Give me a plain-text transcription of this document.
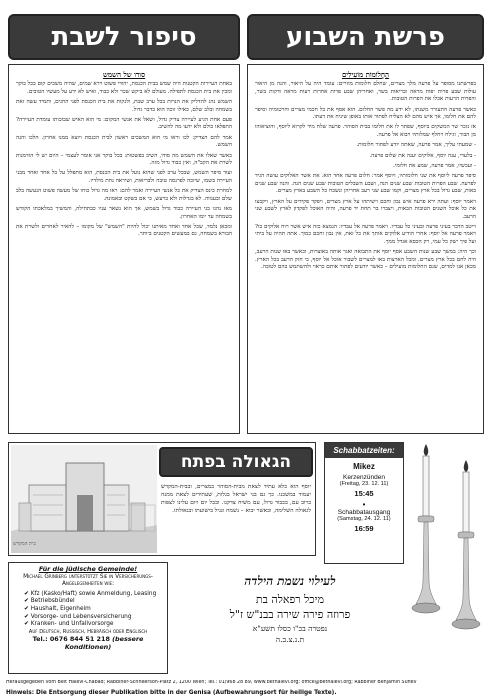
פרשת השבוע
סיפור לשבת
הַחֲלוֹמוֹת מוֹעִילִים

בפרשתנו מסופר על פרעה מלך מצרים, שחלם חלומות מוזרים: עומד היה על היאור, והנה מן היאור עולות שבע פרות יפות מראה ובריאות בשר, ואחריהן שבע פרות אחרות רעות מראה ודקות בשר, והפרות הרעות אכלו את הפרות הטובות.

כאשר פרעה התעורר משנתו, לא ידע מה פשר החלום. הוא אסף את כל חכמי מצרים וחרטומיה וסיפר להם את חלומו, אך איש מהם לא הצליח לפתור אותו באופן שיניח את דעתו.

אז נזכר שר המשקים ביוסף, שפתר לו את חלומו בבית הסוהר. פרעה שלח מיד לקרוא ליוסף, והוציאוהו מן הבור, וגילח ויחלף שמלותיו ויבוא אל פרעה.

- שמעתי עליך, אמר פרעה, שאתה יודע לפתור חלומות.

- בלעדי, ענה יוסף, אלוקים יענה את שלום פרעה.

- ועכשיו, אמר פרעה, שמע את חלומי.

סיפר פרעה ליוסף את שני חלומותיו, ויוסף אמר: חלום פרעה אחד הוא. את אשר האלוקים עושה הגיד לפרעה. שבע הפרות הטובות שבע שנים הנה, ושבע השבלים הטובות שבע שנים הנה. והנה שבע שנים באות, שבע גדול בכל ארץ מצרים, וקמו שבע שני רעב אחריהן ונשכח כל השבע בארץ מצרים.

ויאמר יוסף: ועתה ירא פרעה איש נבון וחכם וישיתהו על ארץ מצרים, ויפקד פקידים על הארץ, ויקבצו את כל אוכל השנים הטובות הבאות, ויצברו בר תחת יד פרעה, והיה האוכל לפקדון לארץ לשבע שני הרעב.

וייטב הדבר בעיני פרעה ובעיני כל עבדיו. ויאמר פרעה אל עבדיו: הנמצא כזה איש אשר רוח אלוקים בו? ויאמר פרעה אל יוסף: אחרי הודיע אלוקים אותך את כל זאת, אין נבון וחכם כמוך. אתה תהיה על ביתי ועל פיך ישק כל עמי, רק הכסא אגדל ממך.

וכך היה: במשך שבע שנות השבע אסף יוסף את התבואה ואגר אותה באוצרות, וכאשר באו שנות הרעב, היה לחם בכל ארץ מצרים. ומכל הארצות באו למצרים לשבור אוכל אל יוסף, כי חזק הרעב בכל הארץ. מכאן אנו למדים, שגם החלומות מועילים – כאשר יודעים לפתור אותם כראוי ולהשתמש בהם לטובה.

סודו של השמש

באחת העיירות הקטנות היה שמש בבית הכנסת, יהודי פשוט וירא שמים, שהיה משכים קום בכל בוקר ומכין את בית הכנסת לתפילה. מעולם לא ביקש שכר ולא כבוד, ואיש לא ידע על מעשיו הטובים.

השמש נהג להדליק את הנרות בכל ערב שבת, ולנקות את בית הכנסת לפני החגים, ותמיד עשה זאת בשמחה ובלב שלם, כאילו זוכה הוא בדבר גדול.

פעם אחת הגיע לעיירה צדיק גדול, ושאל את אנשי המקום: מי הוא האיש שבזכותו עומדת העיירה? התפלאו כולם ולא ידעו מה להשיב.

אמר להם הצדיק: לכו וראו מי הוא המשכים ראשון לבית הכנסת ויוצא ממנו אחרון. הלכו והנה השמש.

כאשר שאלו את השמש מה סודו, השיב בפשטות: בכל בוקר אני אומר לעצמי – היום יש לי הזדמנות לשרת את הקב"ה, ואין כבוד גדול מזה.

ועוד סיפר השמש, שבכל ערב לפני שהוא נועל את בית הכנסת, הוא מתפלל על כל אחד ואחד מבני העיירה בשמו, שיזכה לפרנסה טובה ולבריאות, ושיראה נחת מילדיו.

למחרת כינס הצדיק את כל אנשי העיירה ואמר להם: ראו מה גדול כוחו של מעשה פשוט הנעשה בלב שלם ובענווה. לא בגדלות ולא ברעש, כי אם בשקט ובאמונה.

מאז נהגו בני העיירה כבוד גדול בשמש, אך הוא נשאר עניו כבתחילה, והמשיך במלאכתו הקודש בשמחה עד יומו האחרון.

ומכאן נלמד, שכל אחד ואחד מאיתנו יכול להיות "השמש" של מקומו – להאיר לאחרים ולשרת את הבורא בשמחה, גם במעשים הקטנים ביותר.

בית המקדש
הגאולה בפתח
יוסף הוא כלא עתיד לצאת מבית-הסוהר במצרים, ובבית-המקדש יעמוד במשכנו. כך גם בני ישראל בגלות, שעתידים לצאת ממנה ברוב עם, בכבוד גדול, עם משיח צדקנו. ובכל יום ויום עלינו לצפות לגאולה השלימה, וכאשר יבוא – נשמח ונגיל בישועתו ובגאולתו.
Schabbatzeiten:
Mikez
Kerzenzünden
(Freitag, 23. 12. 11)
15:45
•
Schabbatausgang
(Samstag, 24. 12. 11)
16:59
Für die jüdische Gemeinde!
Michael Grinberg unterstützt Sie in Versicherungs-Angelegenheiten wie:
✔ Kfz (Kasko/Haft) sowie Anmeldung, Leasing
✔ Betriebsbündel
✔ Haushalt, Eigenheim
✔ Vorsorge- und Lebensversicherung
✔ Kranken- und Unfallvorsorge
Auf Deutsch, Russisch, Hebräisch oder Englisch
Tel.: 0676 844 51 218 (bessere Konditionen)
לעילוי נשמת הילדה
מיכל רפאלה בת
פרוזה פירה שירה בבנ"ש ז"ל
נפטרה בכ"ו כסלו תשע"א
ת.נ.צ.ב.ה
Herausgegeben vom Beit Halevi-Chabad; Rabbiner-Schneerson-Platz 2, 1200 Wien; Tel.: 01/968 28 89, www.bethalevi.org; office@bethalevi.org; Rabbiner Benjamin Sufiev
Hinweis: Die Entsorgung dieser Publikation bitte in der Genisa (Aufbewahrungsort für heilige Texte).
